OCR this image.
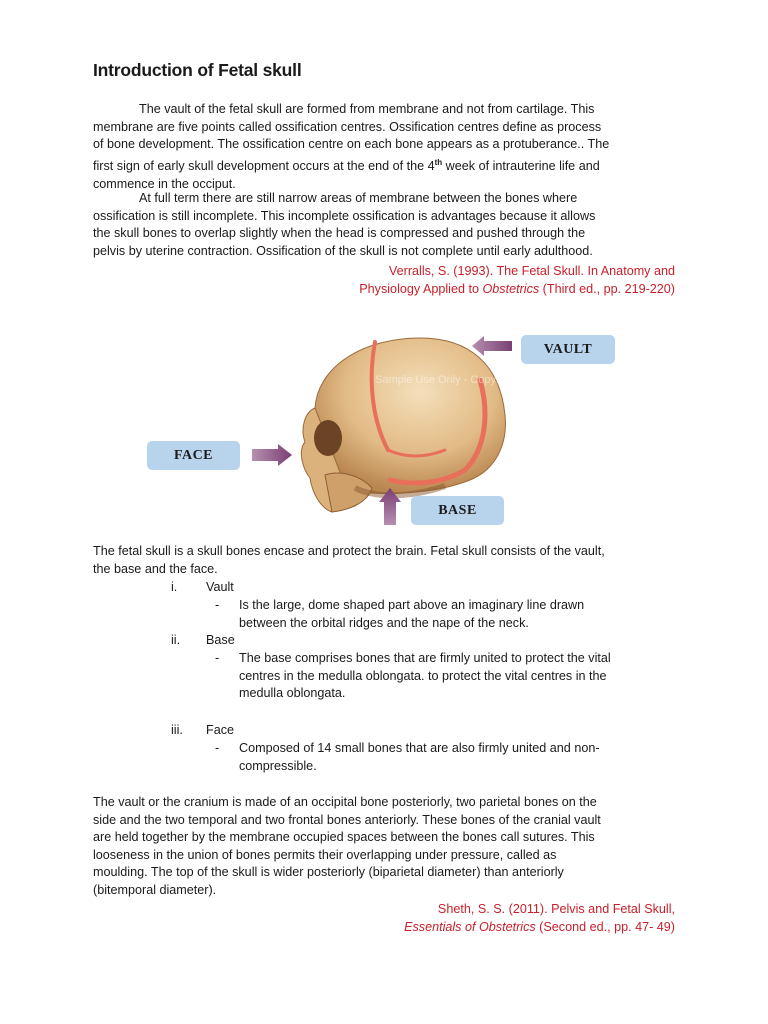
Introduction of Fetal skull
The vault of the fetal skull are formed from membrane and not from cartilage. This
membrane are five points called ossification centres. Ossification centres define as process
of bone development. The ossification centre on each bone appears as a protuberance.. The
first sign of early skull development occurs at the end of the 4th week of intrauterine life and
commence in the occiput.
At full term there are still narrow areas of membrane between the bones where
ossification is still incomplete. This incomplete ossification is advantages because it allows
the skull bones to overlap slightly when the head is compressed and pushed through the
pelvis by uterine contraction. Ossification of the skull is not complete until early adulthood.
Verralls, S. (1993). The Fetal Skull. In Anatomy and
Physiology Applied to Obstetrics (Third ed., pp. 219-220)
Sample Use Only - Copyright
VAULT
FACE
BASE
The fetal skull is a skull bones encase and protect the brain. Fetal skull consists of the vault,
the base and the face.
i.	Vault
- Is the large, dome shaped part above an imaginary line drawn
between the orbital ridges and the nape of the neck.
ii.	Base
- The base comprises bones that are firmly united to protect the vital
centres in the medulla oblongata. to protect the vital centres in the
medulla oblongata.
iii.	Face
- Composed of 14 small bones that are also firmly united and non-
compressible.
The vault or the cranium is made of an occipital bone posteriorly, two parietal bones on the
side and the two temporal and two frontal bones anteriorly. These bones of the cranial vault
are held together by the membrane occupied spaces between the bones call sutures. This
looseness in the union of bones permits their overlapping under pressure, called as
moulding. The top of the skull is wider posteriorly (biparietal diameter) than anteriorly
(bitemporal diameter).
Sheth, S. S. (2011). Pelvis and Fetal Skull,
Essentials of Obstetrics (Second ed., pp. 47- 49)
